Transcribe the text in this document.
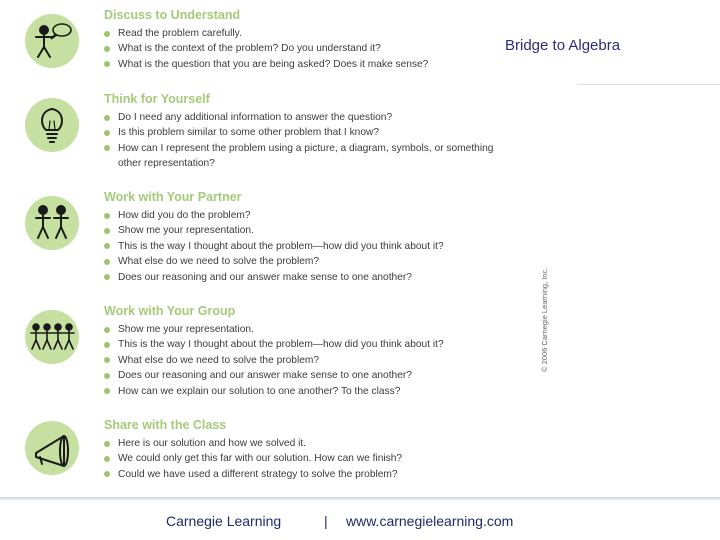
Bridge to Algebra
Discuss to Understand
Read the problem carefully.
What is the context of the problem? Do you understand it?
What is the question that you are being asked? Does it make sense?
Think for Yourself
Do I need any additional information to answer the question?
Is this problem similar to some other problem that I know?
How can I represent the problem using a picture, a diagram, symbols, or something
other representation?
Work with Your Partner
How did you do the problem?
Show me your representation.
This is the way I thought about the problem—how did you think about it?
What else do we need to solve the problem?
Does our reasoning and our answer make sense to one another?
Work with Your Group
Show me your representation.
This is the way I thought about the problem—how did you think about it?
What else do we need to solve the problem?
Does our reasoning and our answer make sense to one another?
How can we explain our solution to one another? To the class?
Share with the Class
Here is our solution and how we solved it.
We could only get this far with our solution. How can we finish?
Could we have used a different strategy to solve the problem?
© 2006 Carnegie Learning, Inc.
Carnegie Learning	| www.carnegielearning.com
